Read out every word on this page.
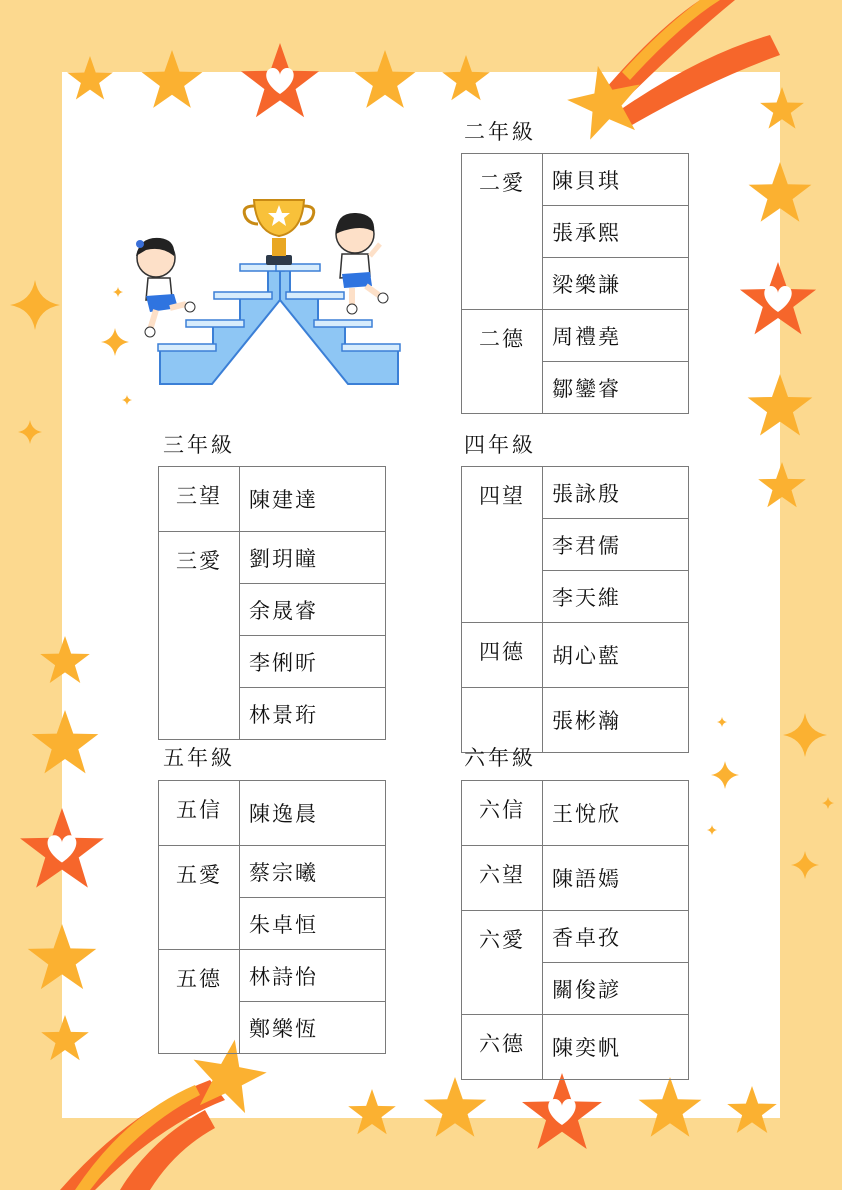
二年級
二愛	陳貝琪
	張承熙
	梁樂謙
二德	周禮堯
	鄒鑾睿
三年級
三望	陳建達
三愛	劉玥瞳
	余晟睿
	李俐昕
	林景珩
四年級
四望	張詠殷
	李君儒
	李天維
四德	胡心藍
	張彬瀚
五年級
五信	陳逸晨
五愛	蔡宗曦
	朱卓恒
五德	林詩怡
	鄭樂恆
六年級
六信	王悅欣
六望	陳語嫣
六愛	香卓孜
	關俊諺
六德	陳奕帆
